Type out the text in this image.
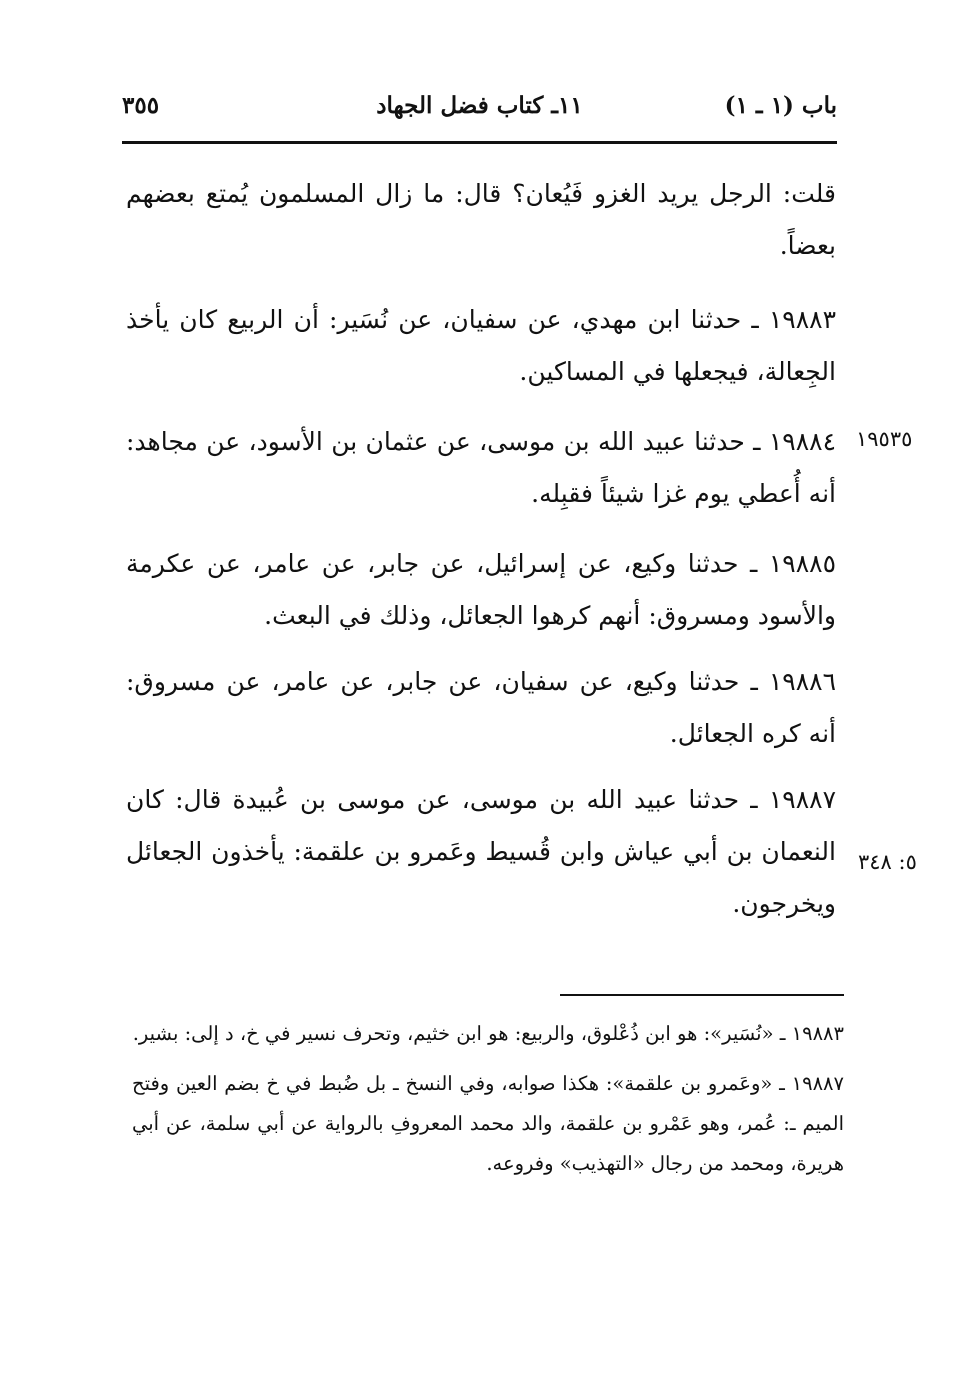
باب (١ ـ ١)
١١ـ كتاب فضل الجهاد
٣٥٥

قلت: الرجل يريد الغزو فَيُعان؟ قال: ما زال المسلمون يُمتع بعضهم بعضاً.

١٩٨٨٣ ـ حدثنا ابن مهدي، عن سفيان، عن نُسَير: أن الربيع كان يأخذ الجِعالة، فيجعلها في المساكين.

١٩٨٨٤ ـ حدثنا عبيد الله بن موسى، عن عثمان بن الأسود، عن مجاهد: أنه أُعطي يوم غزا شيئاً فقبِله.

١٩٨٨٥ ـ حدثنا وكيع، عن إسرائيل، عن جابر، عن عامر، عن عكرمة والأسود ومسروق: أنهم كرهوا الجعائل، وذلك في البعث.

١٩٨٨٦ ـ حدثنا وكيع، عن سفيان، عن جابر، عن عامر، عن مسروق: أنه كره الجعائل.

١٩٨٨٧ ـ حدثنا عبيد الله بن موسى، عن موسى بن عُبيدة قال: كان النعمان بن أبي عياش وابن قُسيط وعَمرو بن علقمة: يأخذون الجعائل ويخرجون.

١٩٥٣٥
٥: ٣٤٨

١٩٨٨٣ ـ «نُسَير»: هو ابن ذُعْلوق، والربيع: هو ابن خثيم، وتحرف نسير في خ، د إلى: بشير.

١٩٨٨٧ ـ «وعَمرو بن علقمة»: هكذا صوابه، وفي النسخ ـ بل ضُبط في خ بضم العين وفتح الميم ـ: عُمر، وهو عَمْرو بن علقمة، والد محمد المعروفِ بالرواية عن أبي سلمة، عن أبي هريرة، ومحمد من رجال «التهذيب» وفروعه.
